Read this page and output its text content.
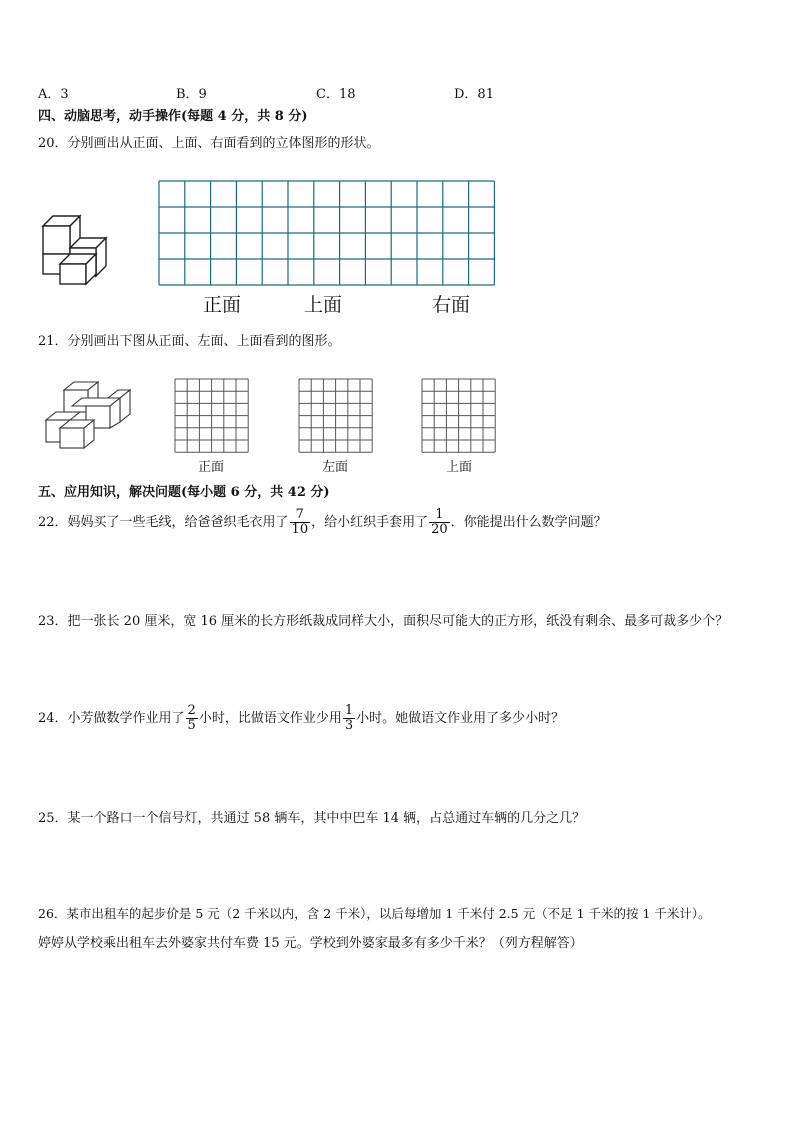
A．3	B．9	C．18	D．81
四、动脑思考，动手操作(每题 4 分，共 8 分)
20．分别画出从正面、上面、右面看到的立体图形的形状。
正面	上面	右面
21．分别画出下图从正面、左面、上面看到的图形。
正面	左面	上面
五、应用知识，解决问题(每小题 6 分，共 42 分)
22．妈妈买了一些毛线，给爸爸织毛衣用了 $\frac{7}{10}$ ，给小红织手套用了 $\frac{1}{20}$ ．你能提出什么数学问题？
23．把一张长 20 厘米，宽 16 厘米的长方形纸裁成同样大小，面积尽可能大的正方形，纸没有剩余、最多可裁多少个？
24．小芳做数学作业用了 $\frac{2}{5}$ 小时，比做语文作业少用 $\frac{1}{3}$ 小时。她做语文作业用了多少小时？
25．某一个路口一个信号灯，共通过 58 辆车，其中中巴车 14 辆，占总通过车辆的几分之几？
26．某市出租车的起步价是 5 元（2 千米以内，含 2 千米），以后每增加 1 千米付 2.5 元（不足 1 千米的按 1 千米计）。
婷婷从学校乘出租车去外婆家共付车费 15 元。学校到外婆家最多有多少千米？（列方程解答）
